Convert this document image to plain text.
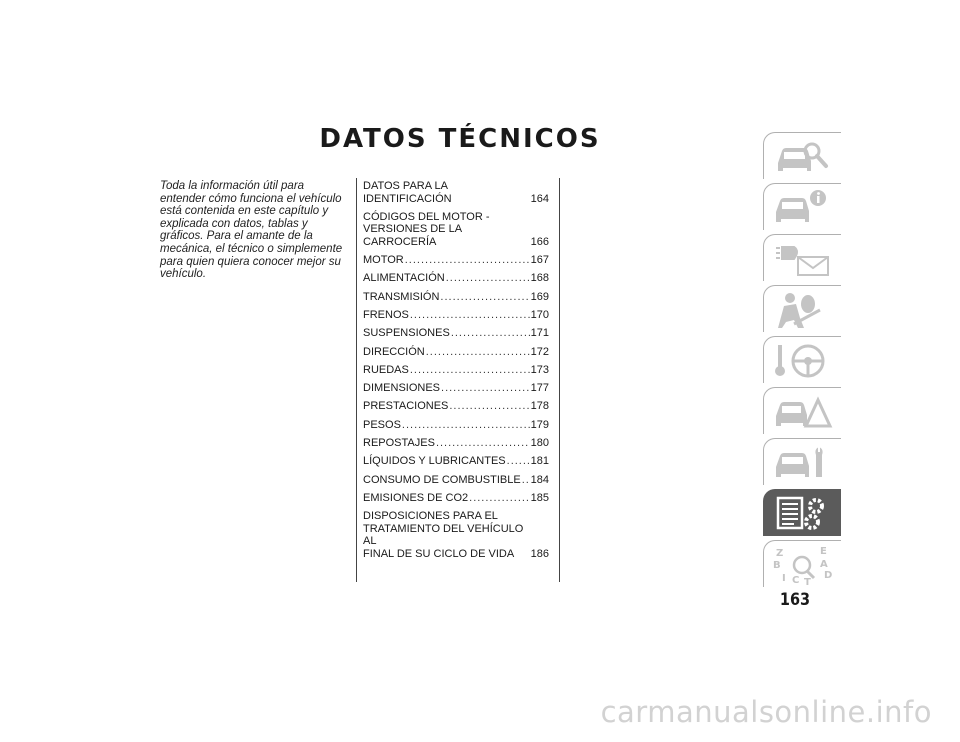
DATOS TÉCNICOS
Toda la información útil para entender cómo funciona el vehículo está contenida en este capítulo y explicada con datos, tablas y gráficos. Para el amante de la mecánica, el técnico o simplemente para quien quiera conocer mejor su vehículo.
DATOS PARA LA IDENTIFICACIÓN	164
CÓDIGOS DEL MOTOR -
VERSIONES DE LA CARROCERÍA	166
MOTOR .....	167
ALIMENTACIÓN .....	168
TRANSMISIÓN .....	169
FRENOS .....	170
SUSPENSIONES .....	171
DIRECCIÓN .....	172
RUEDAS .....	173
DIMENSIONES .....	177
PRESTACIONES .....	178
PESOS .....	179
REPOSTAJES .....	180
LÍQUIDOS Y LUBRICANTES ..... 181
CONSUMO DE COMBUSTIBLE ..... 184
EMISIONES DE CO2 .....	185
DISPOSICIONES PARA EL
TRATAMIENTO DEL VEHÍCULO AL
FINAL DE SU CICLO DE VIDA	186	Z	E
B	A
D
I C T
163
carmanualsonline.info
